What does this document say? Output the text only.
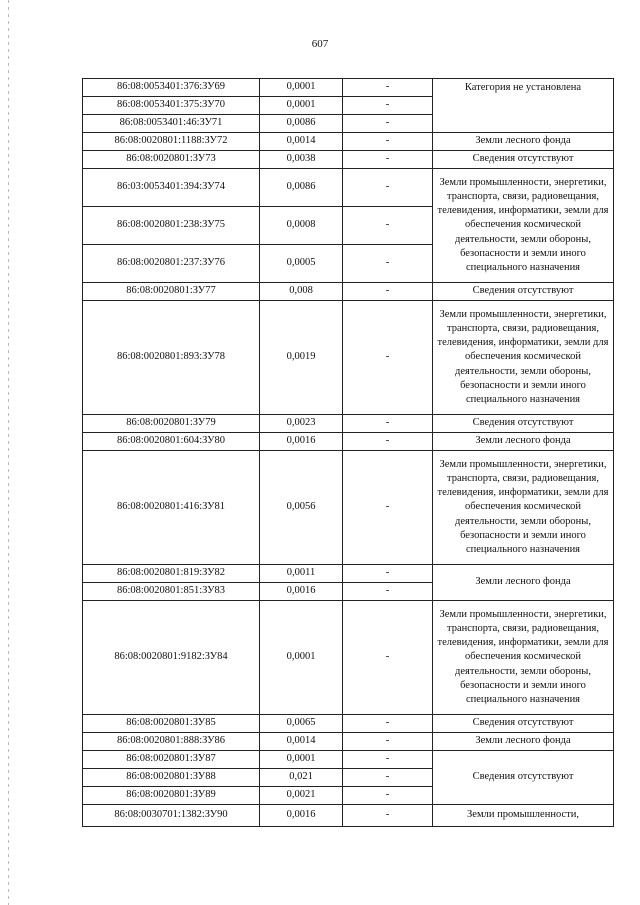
607
86:08:0053401:376:ЗУ69	0,0001	-	Категория не установлена
86:08:0053401:375:ЗУ70	0,0001	-	
86:08:0053401:46:ЗУ71	0,0086	-	
86:08:0020801:1188:ЗУ72	0,0014	-	Земли лесного фонда
86:08:0020801:ЗУ73	0,0038	-	Сведения отсутствуют
86:03:0053401:394:ЗУ74	0,0086	-	Земли промышленности, энергетики, транспорта, связи, радиовещания, телевидения, информатики, земли для обеспечения космической деятельности, земли обороны, безопасности и земли иного специального назначения
86:08:0020801:238:ЗУ75	0,0008	-	
86:08:0020801:237:ЗУ76	0,0005	-	
86:08:0020801:ЗУ77	0,008	-	Сведения отсутствуют
86:08:0020801:893:ЗУ78	0,0019	-	Земли промышленности, энергетики, транспорта, связи, радиовещания, телевидения, информатики, земли для обеспечения космической деятельности, земли обороны, безопасности и земли иного специального назначения
86:08:0020801:ЗУ79	0,0023	-	Сведения отсутствуют
86:08:0020801:604:ЗУ80	0,0016	-	Земли лесного фонда
86:08:0020801:416:ЗУ81	0,0056	-	Земли промышленности, энергетики, транспорта, связи, радиовещания, телевидения, информатики, земли для обеспечения космической деятельности, земли обороны, безопасности и земли иного специального назначения
86:08:0020801:819:ЗУ82	0,0011	-	Земли лесного фонда
86:08:0020801:851:ЗУ83	0,0016	-	
86:08:0020801:9182:ЗУ84	0,0001	-	Земли промышленности, энергетики, транспорта, связи, радиовещания, телевидения, информатики, земли для обеспечения космической деятельности, земли обороны, безопасности и земли иного специального назначения
86:08:0020801:ЗУ85	0,0065	-	Сведения отсутствуют
86:08:0020801:888:ЗУ86	0,0014	-	Земли лесного фонда
86:08:0020801:ЗУ87	0,0001	-	Сведения отсутствуют
86:08:0020801:ЗУ88	0,021	-	
86:08:0020801:ЗУ89	0,0021	-	
86:08:0030701:1382:ЗУ90	0,0016	-	Земли промышленности,
